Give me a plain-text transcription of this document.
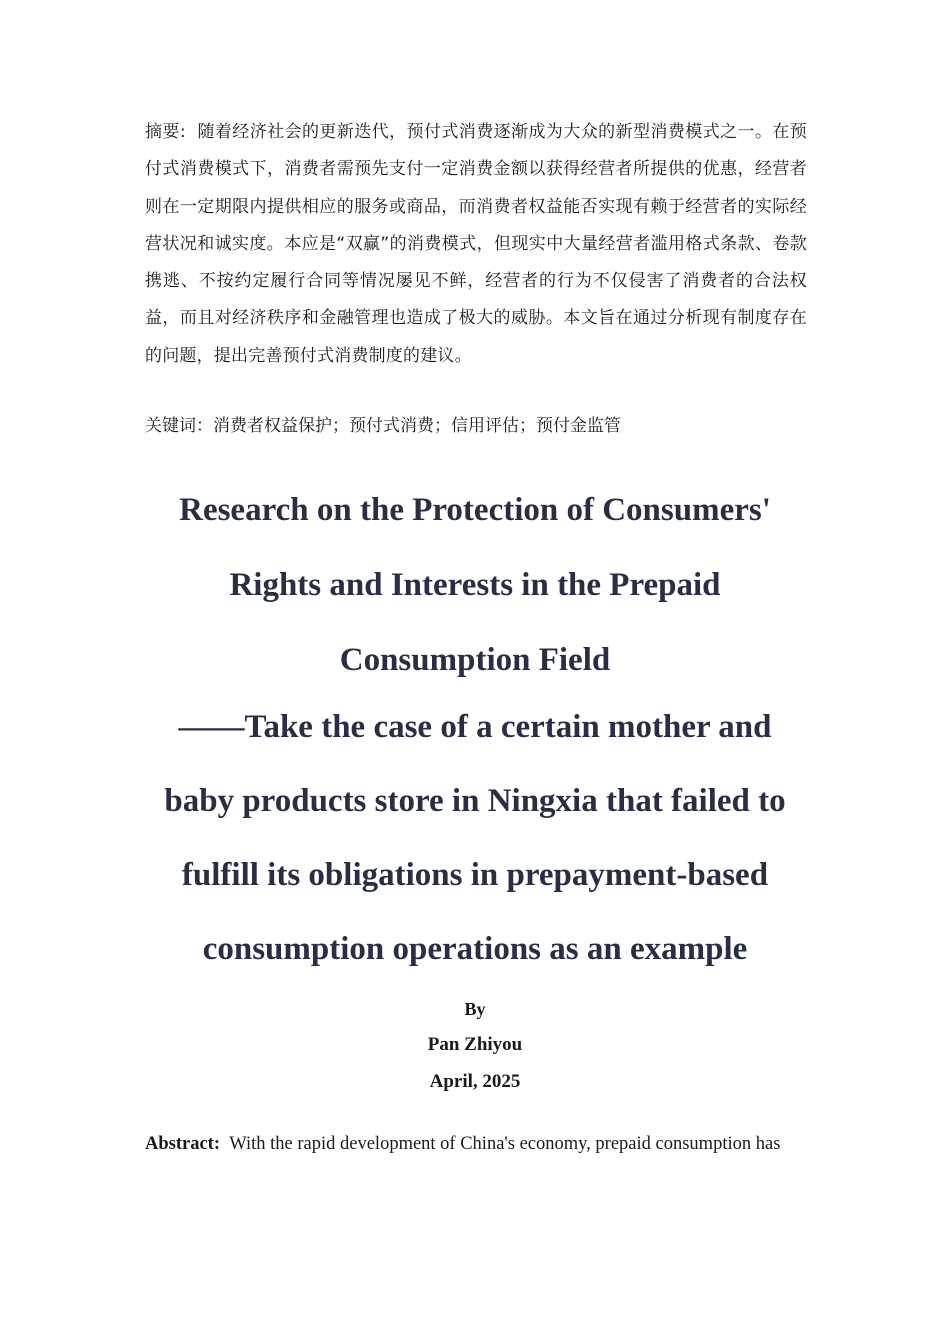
摘要: 随着经济社会的更新迭代，预付式消费逐渐成为大众的新型消费模式之一。在预付式消费模式下，消费者需预先支付一定消费金额以获得经营者所提供的优惠，经营者则在一定期限内提供相应的服务或商品，而消费者权益能否实现有赖于经营者的实际经营状况和诚实度。本应是“双赢”的消费模式，但现实中大量经营者滥用格式条款、卷款携逃、不按约定履行合同等情况屡见不鲜，经营者的行为不仅侵害了消费者的合法权益，而且对经济秩序和金融管理也造成了极大的威胁。本文旨在通过分析现有制度存在的问题，提出完善预付式消费制度的建议。

关键词：消费者权益保护；预付式消费；信用评估；预付金监管

Research on the Protection of Consumers' Rights and Interests in the Prepaid Consumption Field

——Take the case of a certain mother and baby products store in Ningxia that failed to fulfill its obligations in prepayment-based consumption operations as an example

By

Pan Zhiyou

April, 2025

Abstract: With the rapid development of China's economy, prepaid consumption has
